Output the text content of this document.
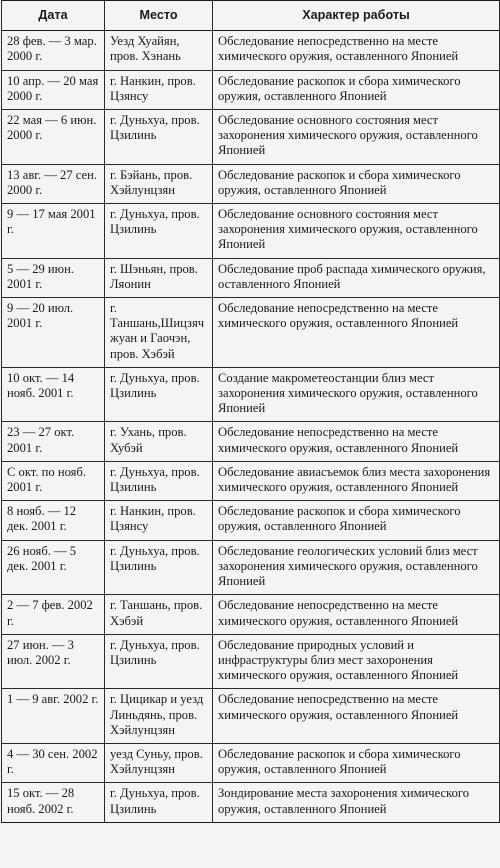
Дата	Место	Характер работы
28 фев. — 3 мар. 2000 г.	Уезд Хуайян, пров. Хэнань	Обследование непосредственно на месте химического оружия, оставленного Японией
10 апр. — 20 мая 2000 г.	г. Нанкин, пров. Цзянсу	Обследование раскопок и сбора химического оружия, оставленного Японией
22 мая — 6 июн. 2000 г.	г. Дуньхуа, пров. Цзилинь	Обследование основного состояния мест захоронения химического оружия, оставленного Японией
13 авг. — 27 сен. 2000 г.	г. Бэйань, пров. Хэйлунцзян	Обследование раскопок и сбора химического оружия, оставленного Японией
9 — 17 мая 2001 г.	г. Дуньхуа, пров. Цзилинь	Обследование основного состояния мест захоронения химического оружия, оставленного Японией
5 — 29 июн. 2001 г.	г. Шэньян, пров. Ляонин	Обследование проб распада химического оружия, оставленного Японией
9 — 20 июл. 2001 г.	г. Таншань,Шицзячжуан и Гаочэн, пров. Хэбэй	Обследование непосредственно на месте химического оружия, оставленного Японией
10 окт. — 14 нояб. 2001 г.	г. Дуньхуа, пров. Цзилинь	Создание макрометеостанции близ мест захоронения химического оружия, оставленного Японией
23 — 27 окт. 2001 г.	г. Ухань, пров. Хубэй	Обследование непосредственно на месте химического оружия, оставленного Японией
С окт. по нояб. 2001 г.	г. Дуньхуа, пров. Цзилинь	Обследование авиасъемок близ места захоронения химического оружия, оставленного Японией
8 нояб. — 12 дек. 2001 г.	г. Нанкин, пров. Цзянсу	Обследование раскопок и сбора химического оружия, оставленного Японией
26 нояб. — 5 дек. 2001 г.	г. Дуньхуа, пров. Цзилинь	Обследование геологических условий близ мест захоронения химического оружия, оставленного Японией
2 — 7 фев. 2002 г.	г. Таншань, пров. Хэбэй	Обследование непосредственно на месте химического оружия, оставленного Японией
27 июн. — 3 июл. 2002 г.	г. Дуньхуа, пров. Цзилинь	Обследование природных условий и инфраструктуры близ мест захоронения химического оружия, оставленного Японией
1 — 9 авг. 2002 г.	г. Цицикар и уезд Линьдянь, пров. Хэйлунцзян	Обследование непосредственно на месте химического оружия, оставленного Японией
4 — 30 сен. 2002 г.	уезд Суньу, пров. Хэйлунцзян	Обследование раскопок и сбора химического оружия, оставленного Японией
15 окт. — 28 нояб. 2002 г.	г. Дуньхуа, пров. Цзилинь	Зондирование места захоронения химического оружия, оставленного Японией
